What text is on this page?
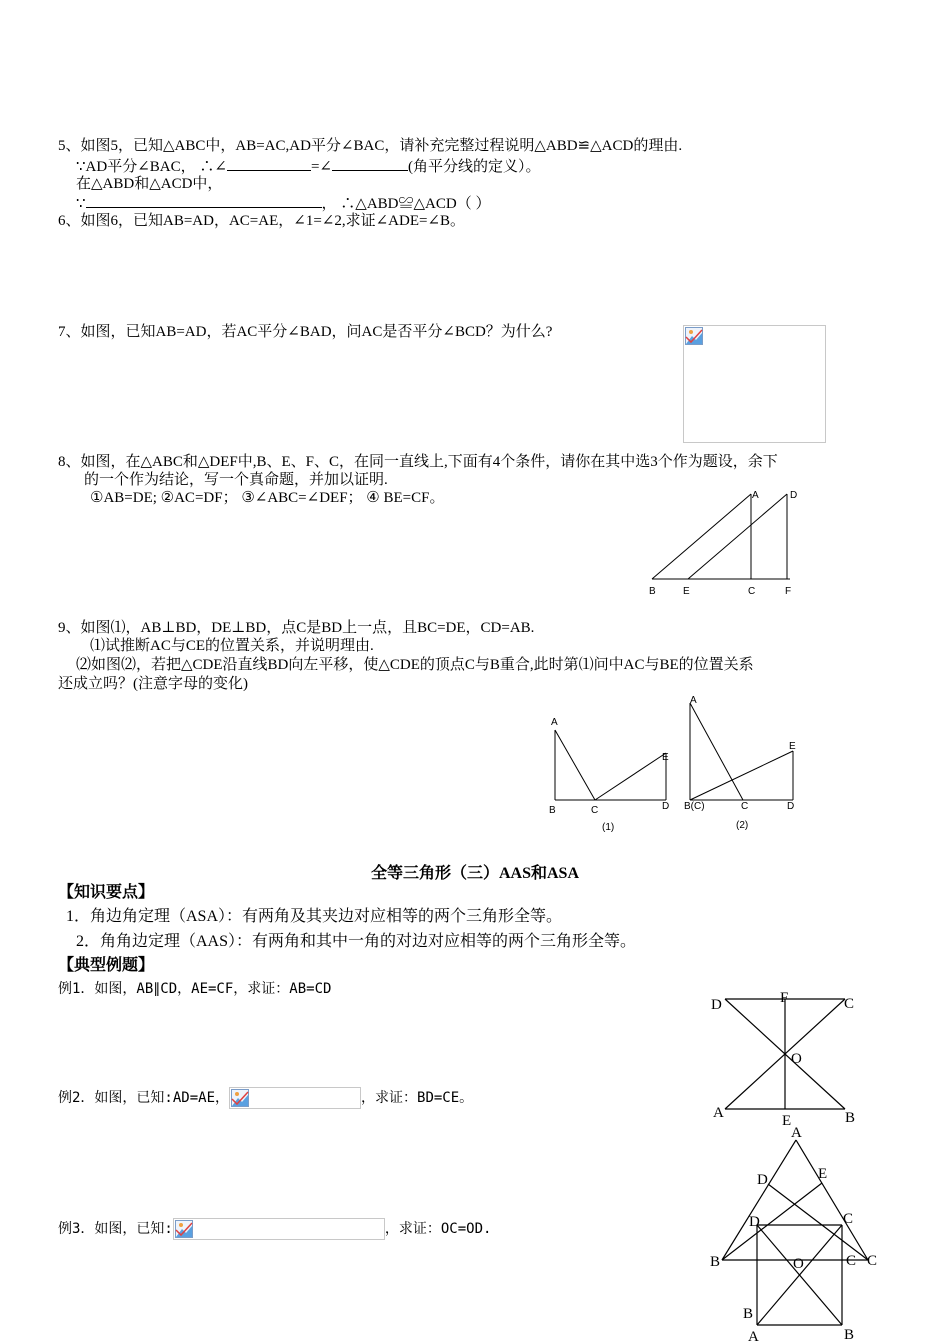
5、如图5，已知△ABC中，AB=AC,AD平分∠BAC，请补充完整过程说明△ABD≌△ACD的理由.
∵AD平分∠BAC， ∴∠	=∠	(角平分线的定义）。
在△ABD和△ACD中，
∵	， ∴△ABD≌△ACD（ ）
6、如图6，已知AB=AD，AC=AE，∠1=∠2,求证∠ADE=∠B。
7、如图，已知AB=AD，若AC平分∠BAD，问AC是否平分∠BCD？为什么?
8、如图，在△ABC和△DEF中,B、E、F、C，在同一直线上,下面有4个条件，请你在其中选3个作为题设，余下
的一个作为结论，写一个真命题，并加以证明.
①AB=DE; ②AC=DF； ③∠ABC=∠DEF； ④ BE=CF。	A	D
B	E	C	F
9、如图⑴，AB⊥BD，DE⊥BD，点C是BD上一点，且BC=DE，CD=AB.
⑴试推断AC与CE的位置关系，并说明理由.
⑵如图⑵，若把△CDE沿直线BD向左平移，使△CDE的顶点C与B重合,此时第⑴问中AC与BE的位置关系
还成立吗？(注意字母的变化)
A
E
B	C	D
(1)
A
E
B(C)	C	D
(2)
全等三角形（三）AAS和ASA
【知识要点】
1．角边角定理（ASA）：有两角及其夹边对应相等的两个三角形全等。
2．角角边定理（AAS）：有两角和其中一角的对边对应相等的两个三角形全等。
【典型例题】
例1．如图，AB∥CD，AE=CF，求证：AB=CD
例2．如图，已知:AD=AE，	，求证：BD=CE。
例3．如图，已知:	，求证：OC=OD.
D	F	C
O
A	E	B
A
D	E
B	C
O
D	C
B
C
A	B
